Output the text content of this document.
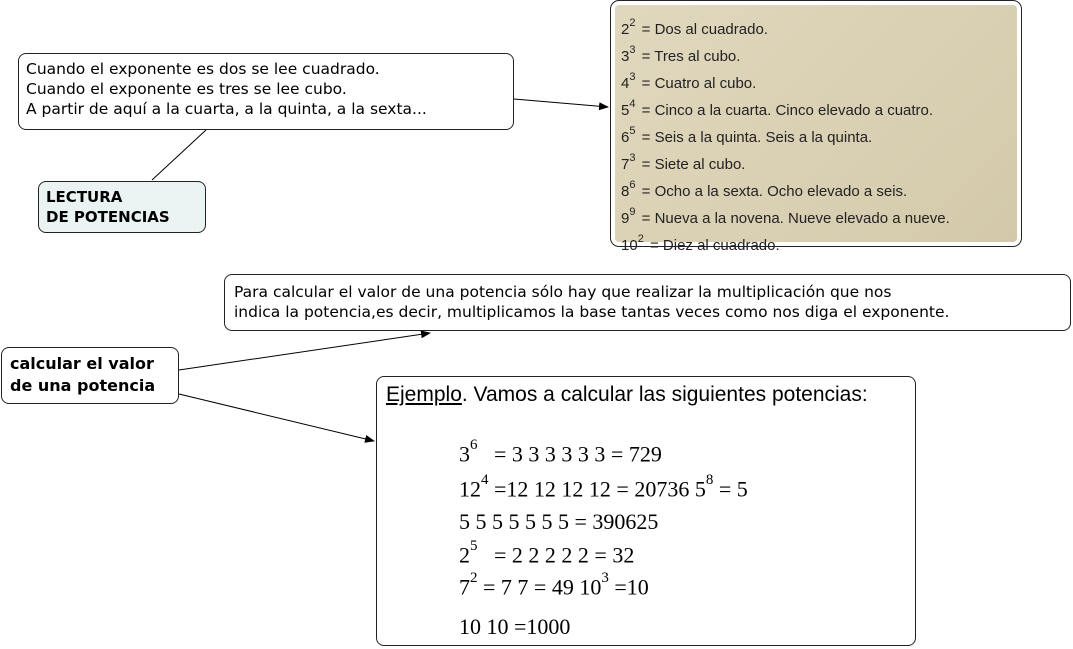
Cuando el exponente es dos se lee cuadrado.
Cuando el exponente es tres se lee cubo.
A partir de aquí a la cuarta, a la quinta, a la sexta...
LECTURA
DE POTENCIAS
$2^2$ = Dos al cuadrado.
$3^3$ = Tres al cubo.
$4^3$ = Cuatro al cubo.
$5^4$ = Cinco a la cuarta. Cinco elevado a cuatro.
$6^5$ = Seis a la quinta. Seis a la quinta.
$7^3$ = Siete al cubo.
$8^6$ = Ocho a la sexta. Ocho elevado a seis.
$9^9$ = Nueva a la novena. Nueve elevado a nueve.
$10^2$ = Diez al cuadrado.
Para calcular el valor de una potencia sólo hay que realizar la multiplicación que nos
indica la potencia,es decir, multiplicamos la base tantas veces como nos diga el exponente.
calcular el valor
de una potencia	Ejemplo. Vamos a calcular las siguientes potencias:
$3^6 = 3$ 3 3 3 3 3 = 729
$12^4 =12$ 12 12 12 = 20736 $5^8 = 5$
5 5 5 5 5 5 5 = 390625
$2^5 = 2$ 2 2 2 2 = 32
$7^2 = 7$ 7 = 49 $10^3 =10$
10 10 =1000
